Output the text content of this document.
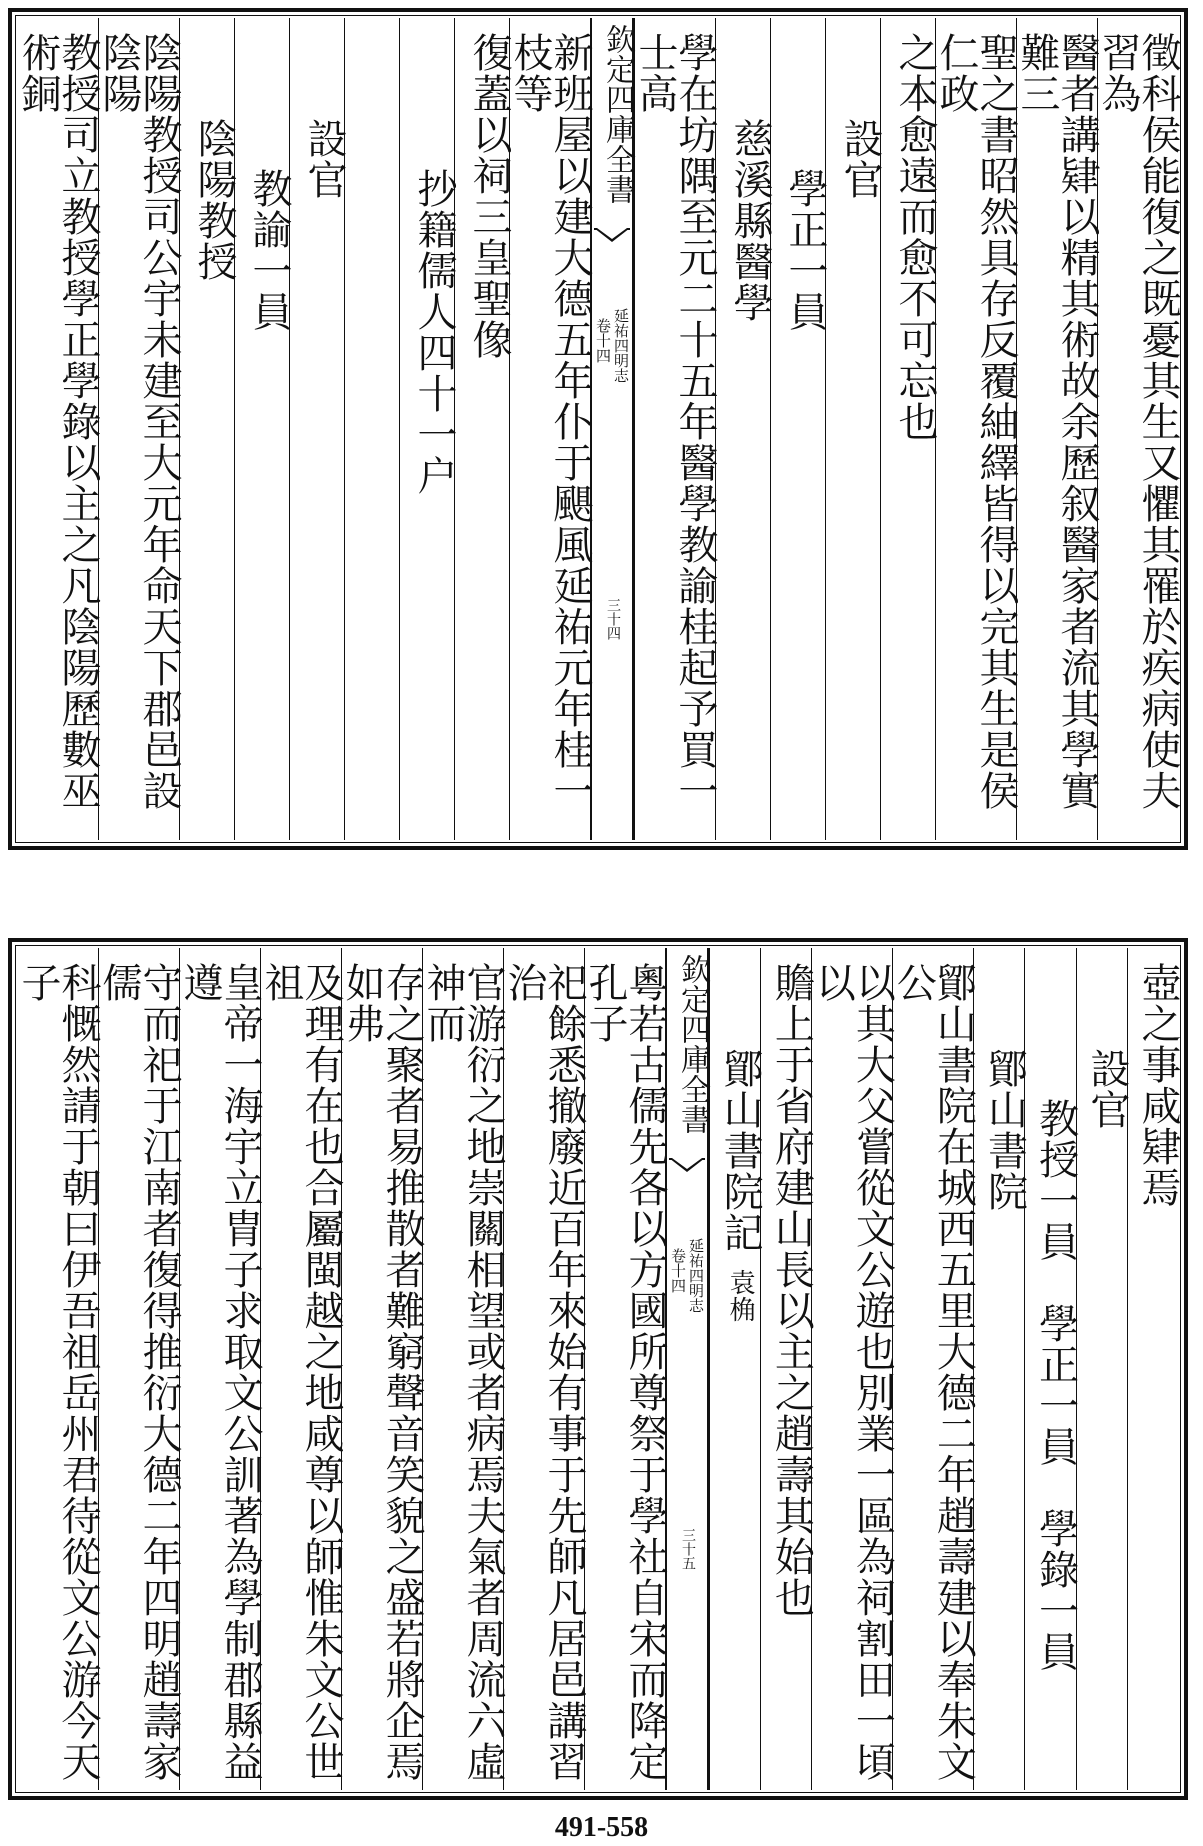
徵科侯能復之既憂其生又懼其罹於疾病使夫習為
醫者講肄以精其術故余歷叙醫家者流其學實難三
聖之書昭然具存反覆紬繹皆得以完其生是侯仁政
之本愈遠而愈不可忘也
設官
學正一員
慈溪縣醫學
學在坊隅至元二十五年醫學教諭桂起予買一士高
欽定四庫全書
延祐四明志
卷十四
三十四
新班屋以建大德五年仆于颶風延祐元年桂一枝等
復蓋以祠三皇聖像
抄籍儒人四十一户
設官
教諭一員
陰陽教授
陰陽教授司公宇未建至大元年命天下郡邑設陰陽
教授司立教授學正學錄以主之凡陰陽歷數巫術銅
壺之事咸肄焉
設官
教授一員　學正一員　學錄一員
鄮山書院
鄮山書院在城西五里大德二年趙壽建以奉朱文公
以其大父嘗從文公遊也別業一區為祠割田一頃以
贍上于省府建山長以主之趙壽其始也
鄮山書院記袁桷
欽定四庫全書
延祐四明志
卷十四
三十五
粵若古儒先各以方國所尊祭于學社自宋而降定孔子
祀餘悉撤廢近百年來始有事于先師凡居邑講習治
官游衍之地崇關相望或者病焉夫氣者周流六虛神而
存之聚者易推散者難窮聲音笑貌之盛若將企焉如弗
及理有在也合屬閩越之地咸尊以師惟朱文公世祖
皇帝一海宇立胄子求取文公訓著為學制郡縣益遵
守而祀于江南者復得推衍大德二年四明趙壽家儒
科慨然請于朝曰伊吾祖岳州君待從文公游今天子
491-558
